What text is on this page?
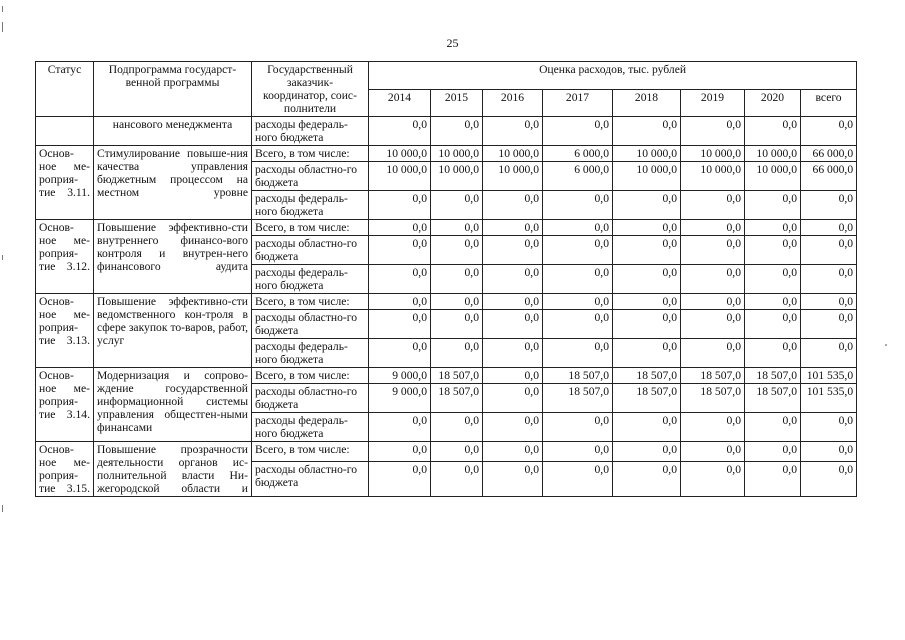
25
Статус	Подпрограмма государст-венной программы	Государственный заказчик-координатор, соис-полнители	Оценка расходов, тыс. рублей							
			2014	2015	2016	2017	2018	2019	2020	всего
	нансового менеджмента	расходы федераль-ного бюджета	0,0	0,0	0,0	0,0	0,0	0,0	0,0	0,0
Основ-ное ме-роприя-тие 3.11.	Стимулирование повыше-ния качества управления бюджетным процессом на местном уровне	Всего, в том числе:	10 000,0	10 000,0	10 000,0	6 000,0	10 000,0	10 000,0	10 000,0	66 000,0
		расходы областно-го бюджета	10 000,0	10 000,0	10 000,0	6 000,0	10 000,0	10 000,0	10 000,0	66 000,0
		расходы федераль-ного бюджета	0,0	0,0	0,0	0,0	0,0	0,0	0,0	0,0
Основ-ное ме-роприя-тие 3.12.	Повышение эффективно-сти внутреннего финансо-вого контроля и внутрен-него финансового аудита	Всего, в том числе:	0,0	0,0	0,0	0,0	0,0	0,0	0,0	0,0
		расходы областно-го бюджета	0,0	0,0	0,0	0,0	0,0	0,0	0,0	0,0
		расходы федераль-ного бюджета	0,0	0,0	0,0	0,0	0,0	0,0	0,0	0,0
Основ-ное ме-роприя-тие 3.13.	Повышение эффективно-сти ведомственного кон-троля в сфере закупок то-варов, работ, услуг	Всего, в том числе:	0,0	0,0	0,0	0,0	0,0	0,0	0,0	0,0
		расходы областно-го бюджета	0,0	0,0	0,0	0,0	0,0	0,0	0,0	0,0
		расходы федераль-ного бюджета	0,0	0,0	0,0	0,0	0,0	0,0	0,0	0,0
Основ-ное ме-роприя-тие 3.14.	Модернизация и сопрово-ждение государственной информационной системы управления общестген-ными финансами	Всего, в том числе:	9 000,0	18 507,0	0,0	18 507,0	18 507,0	18 507,0	18 507,0	101 535,0
		расходы областно-го бюджета	9 000,0	18 507,0	0,0	18 507,0	18 507,0	18 507,0	18 507,0	101 535,0
		расходы федераль-ного бюджета	0,0	0,0	0,0	0,0	0,0	0,0	0,0	0,0
Основ-ное ме-роприя-тие 3.15.	Повышение прозрачности деятельности органов ис-полнительной власти Ни-жегородской области и	Всего, в том числе:	0,0	0,0	0,0	0,0	0,0	0,0	0,0	0,0
		расходы областно-го бюджета	0,0	0,0	0,0	0,0	0,0	0,0	0,0	0,0
